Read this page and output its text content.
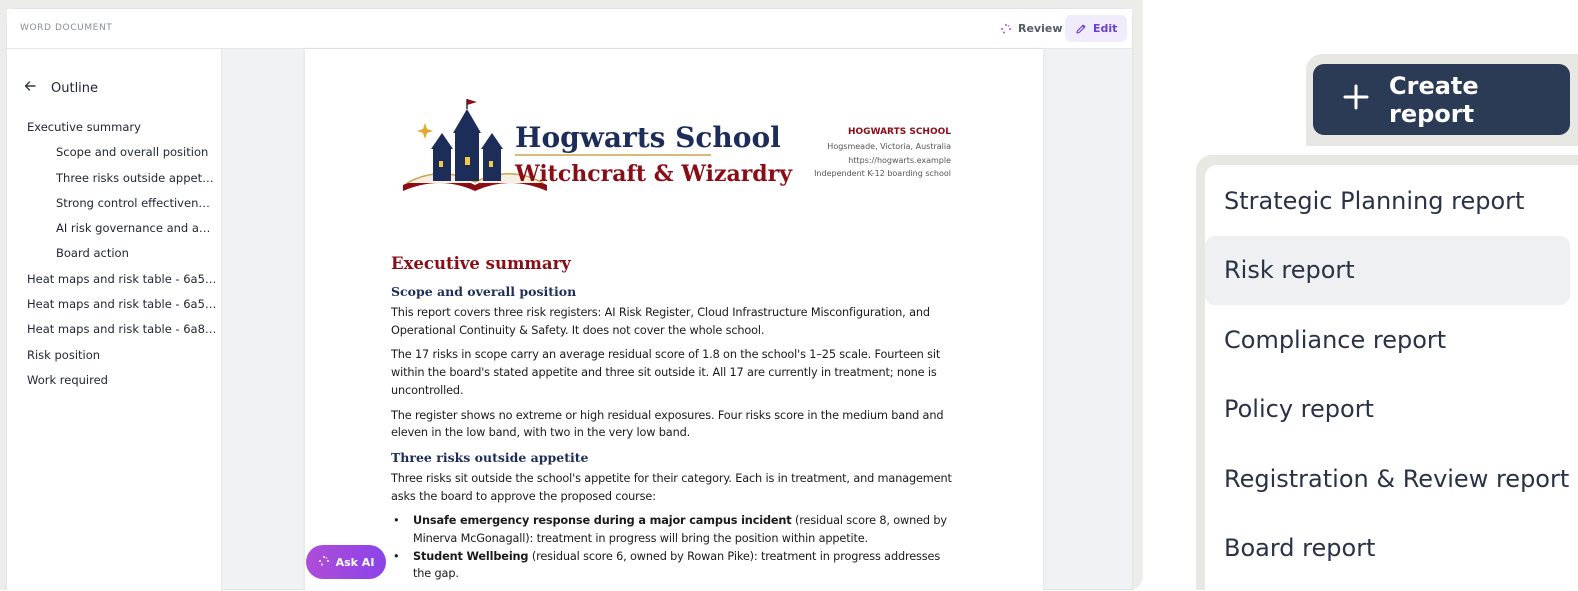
WORD DOCUMENT	Review	Edit
Outline
Executive summary
Scope and overall position
Three risks outside appet…
Strong control effectiven…
AI risk governance and a…
Board action
Heat maps and risk table - 6a5…
Heat maps and risk table - 6a5…
Heat maps and risk table - 6a8…
Risk position
Work required
Hogwarts School
Witchcraft & Wizardry
HOGWARTS SCHOOL
Hogsmeade, Victoria, Australia
https://hogwarts.example
Independent K-12 boarding school
Executive summary
Scope and overall position

This report covers three risk registers: AI Risk Register, Cloud Infrastructure Misconfiguration, and Operational Continuity & Safety. It does not cover the whole school.

The 17 risks in scope carry an average residual score of 1.8 on the school's 1–25 scale. Fourteen sit within the board's stated appetite and three sit outside it. All 17 are currently in treatment; none is uncontrolled.

The register shows no extreme or high residual exposures. Four risks score in the medium band and eleven in the low band, with two in the very low band.

Three risks outside appetite

Three risks sit outside the school's appetite for their category. Each is in treatment, and management asks the board to approve the proposed course:

• Unsafe emergency response during a major campus incident (residual score 8, owned by Minerva McGonagall): treatment in progress will bring the position within appetite.
• Student Wellbeing (residual score 6, owned by Rowan Pike): treatment in progress addresses the gap.
Ask AI
Create report
Strategic Planning report
Risk report
Compliance report
Policy report
Registration & Review report
Board report
